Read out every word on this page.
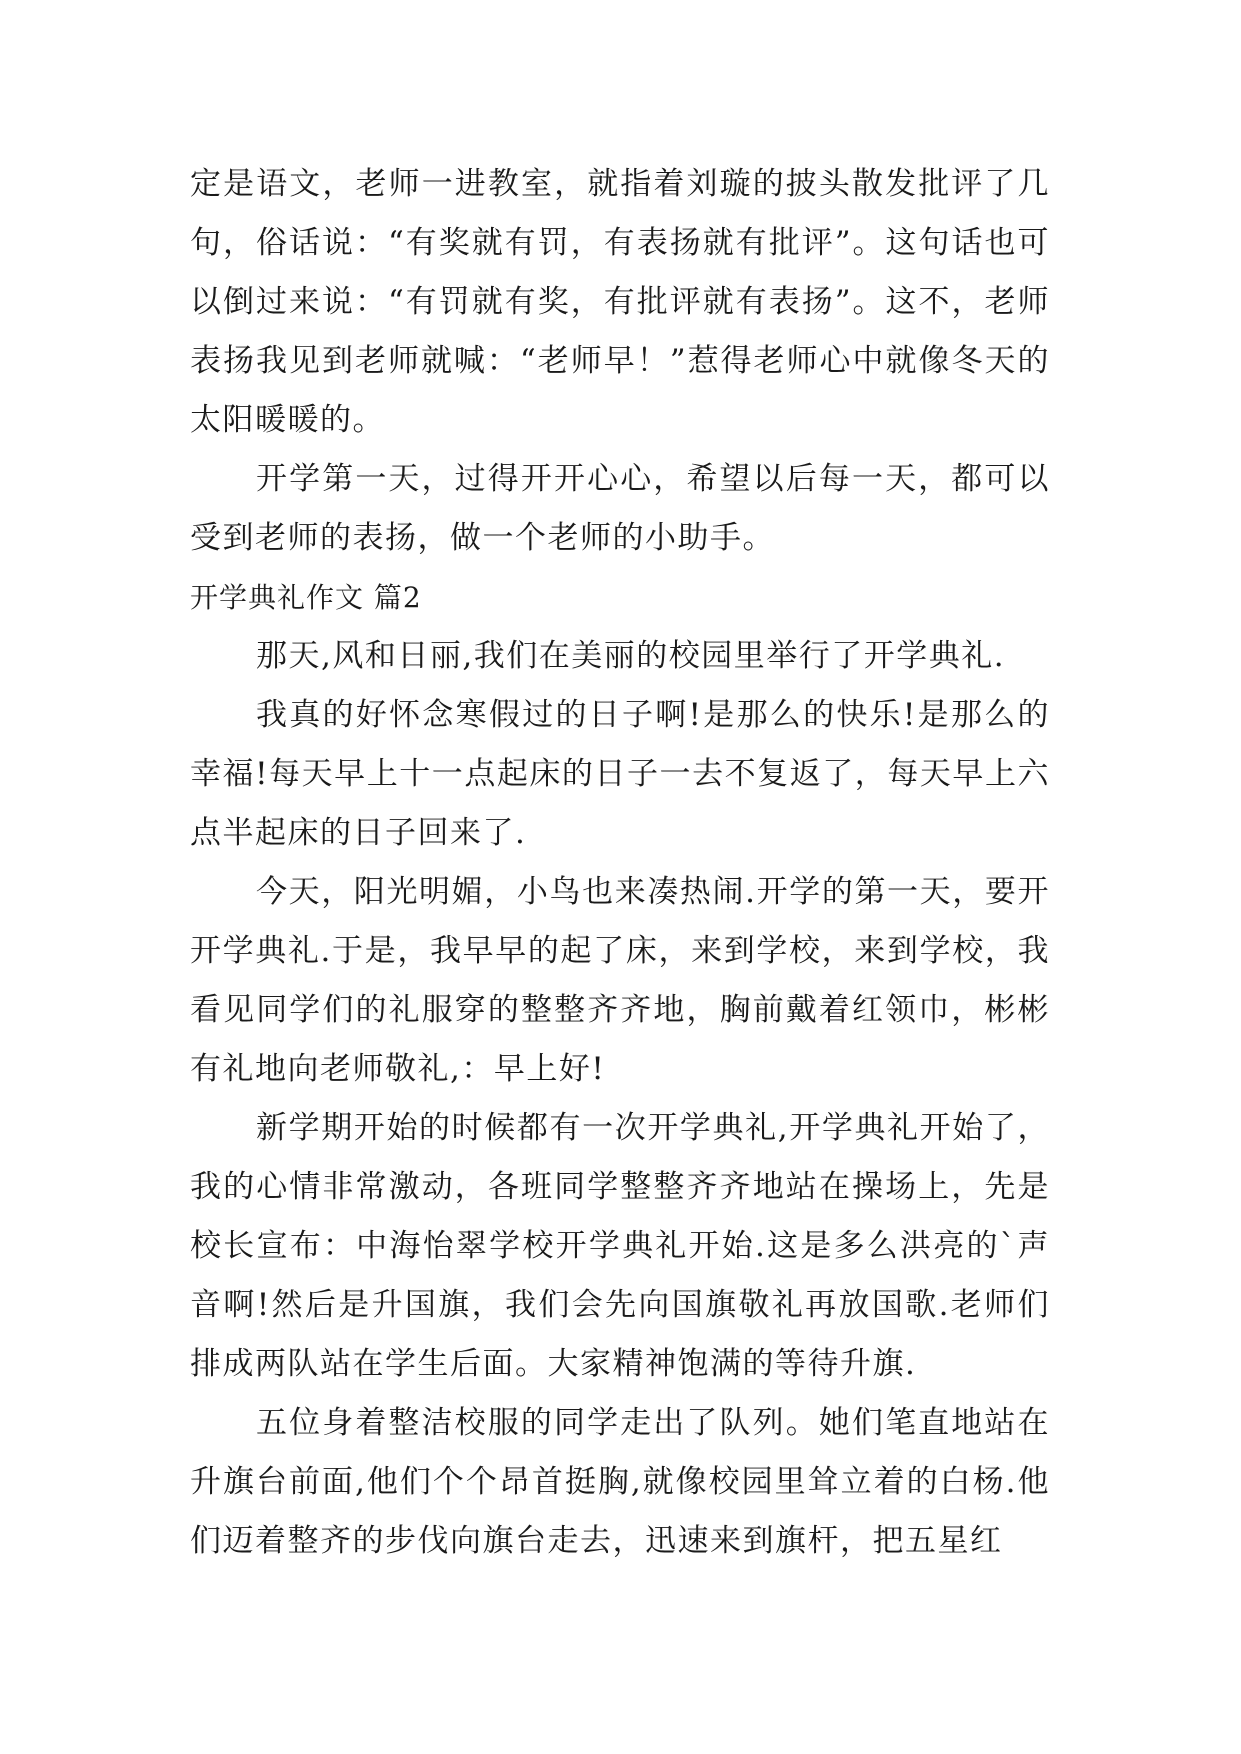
定是语文，老师一进教室，就指着刘璇的披头散发批评了几句，俗话说：“有奖就有罚，有表扬就有批评”。这句话也可以倒过来说：“有罚就有奖，有批评就有表扬”。这不，老师表扬我见到老师就喊：“老师早！”惹得老师心中就像冬天的太阳暖暖的。

开学第一天，过得开开心心，希望以后每一天，都可以受到老师的表扬，做一个老师的小助手。

开学典礼作文 篇2

那天,风和日丽,我们在美丽的校园里举行了开学典礼.

我真的好怀念寒假过的日子啊!是那么的快乐!是那么的幸福!每天早上十一点起床的日子一去不复返了，每天早上六点半起床的日子回来了.

今天，阳光明媚，小鸟也来凑热闹.开学的第一天，要开开学典礼.于是，我早早的起了床，来到学校，来到学校，我看见同学们的礼服穿的整整齐齐地，胸前戴着红领巾，彬彬有礼地向老师敬礼,：早上好!

新学期开始的时候都有一次开学典礼,开学典礼开始了，我的心情非常激动，各班同学整整齐齐地站在操场上，先是校长宣布：中海怡翠学校开学典礼开始.这是多么洪亮的`声音啊!然后是升国旗，我们会先向国旗敬礼再放国歌.老师们排成两队站在学生后面。大家精神饱满的等待升旗.

五位身着整洁校服的同学走出了队列。她们笔直地站在升旗台前面,他们个个昂首挺胸,就像校园里耸立着的白杨.他们迈着整齐的步伐向旗台走去，迅速来到旗杆，把五星红
